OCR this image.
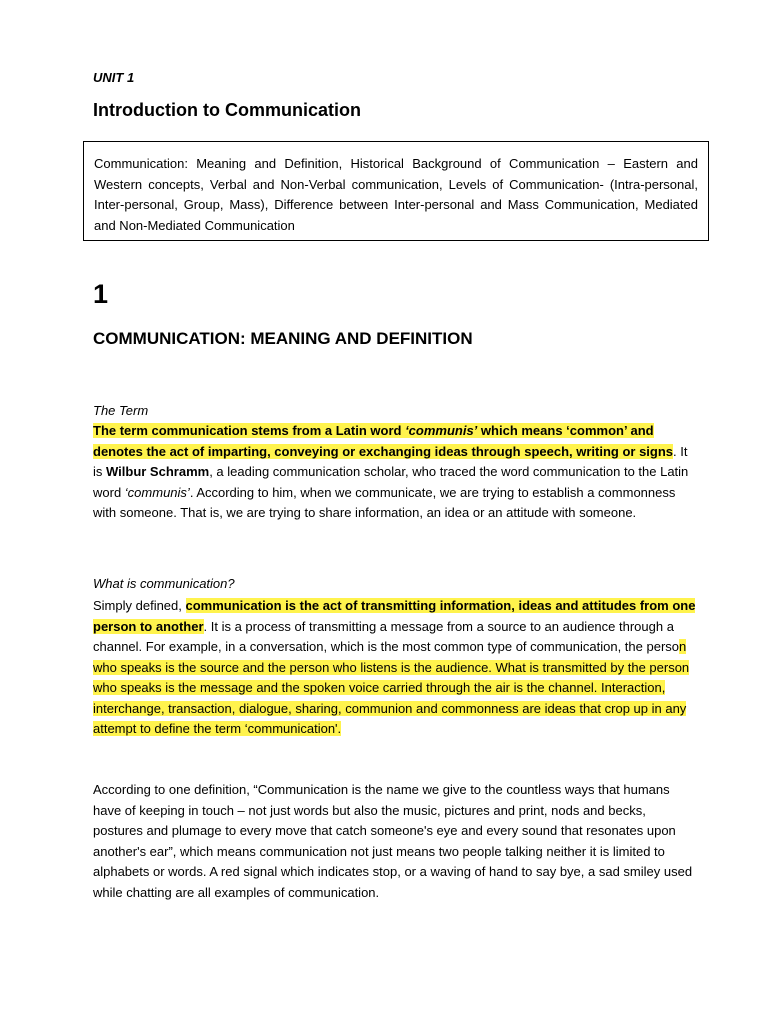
UNIT 1
Introduction to Communication
Communication: Meaning and Definition, Historical Background of Communication – Eastern and Western concepts, Verbal and Non-Verbal communication, Levels of Communication- (Intra-personal, Inter-personal, Group, Mass), Difference between Inter-personal and Mass Communication, Mediated and Non-Mediated Communication
1
COMMUNICATION: MEANING AND DEFINITION
The Term
The term communication stems from a Latin word ‘communis’ which means ‘common’ and denotes the act of imparting, conveying or exchanging ideas through speech, writing or signs. It is Wilbur Schramm, a leading communication scholar, who traced the word communication to the Latin word ‘communis’. According to him, when we communicate, we are trying to establish a commonness with someone. That is, we are trying to share information, an idea or an attitude with someone.
What is communication?
Simply defined, communication is the act of transmitting information, ideas and attitudes from one person to another. It is a process of transmitting a message from a source to an audience through a channel. For example, in a conversation, which is the most common type of communication, the person who speaks is the source and the person who listens is the audience. What is transmitted by the person who speaks is the message and the spoken voice carried through the air is the channel. Interaction, interchange, transaction, dialogue, sharing, communion and commonness are ideas that crop up in any attempt to define the term ‘communication'.
According to one definition, “Communication is the name we give to the countless ways that humans have of keeping in touch – not just words but also the music, pictures and print, nods and becks, postures and plumage to every move that catch someone's eye and every sound that resonates upon another's ear”, which means communication not just means two people talking neither it is limited to alphabets or words. A red signal which indicates stop, or a waving of hand to say bye, a sad smiley used while chatting are all examples of communication.
